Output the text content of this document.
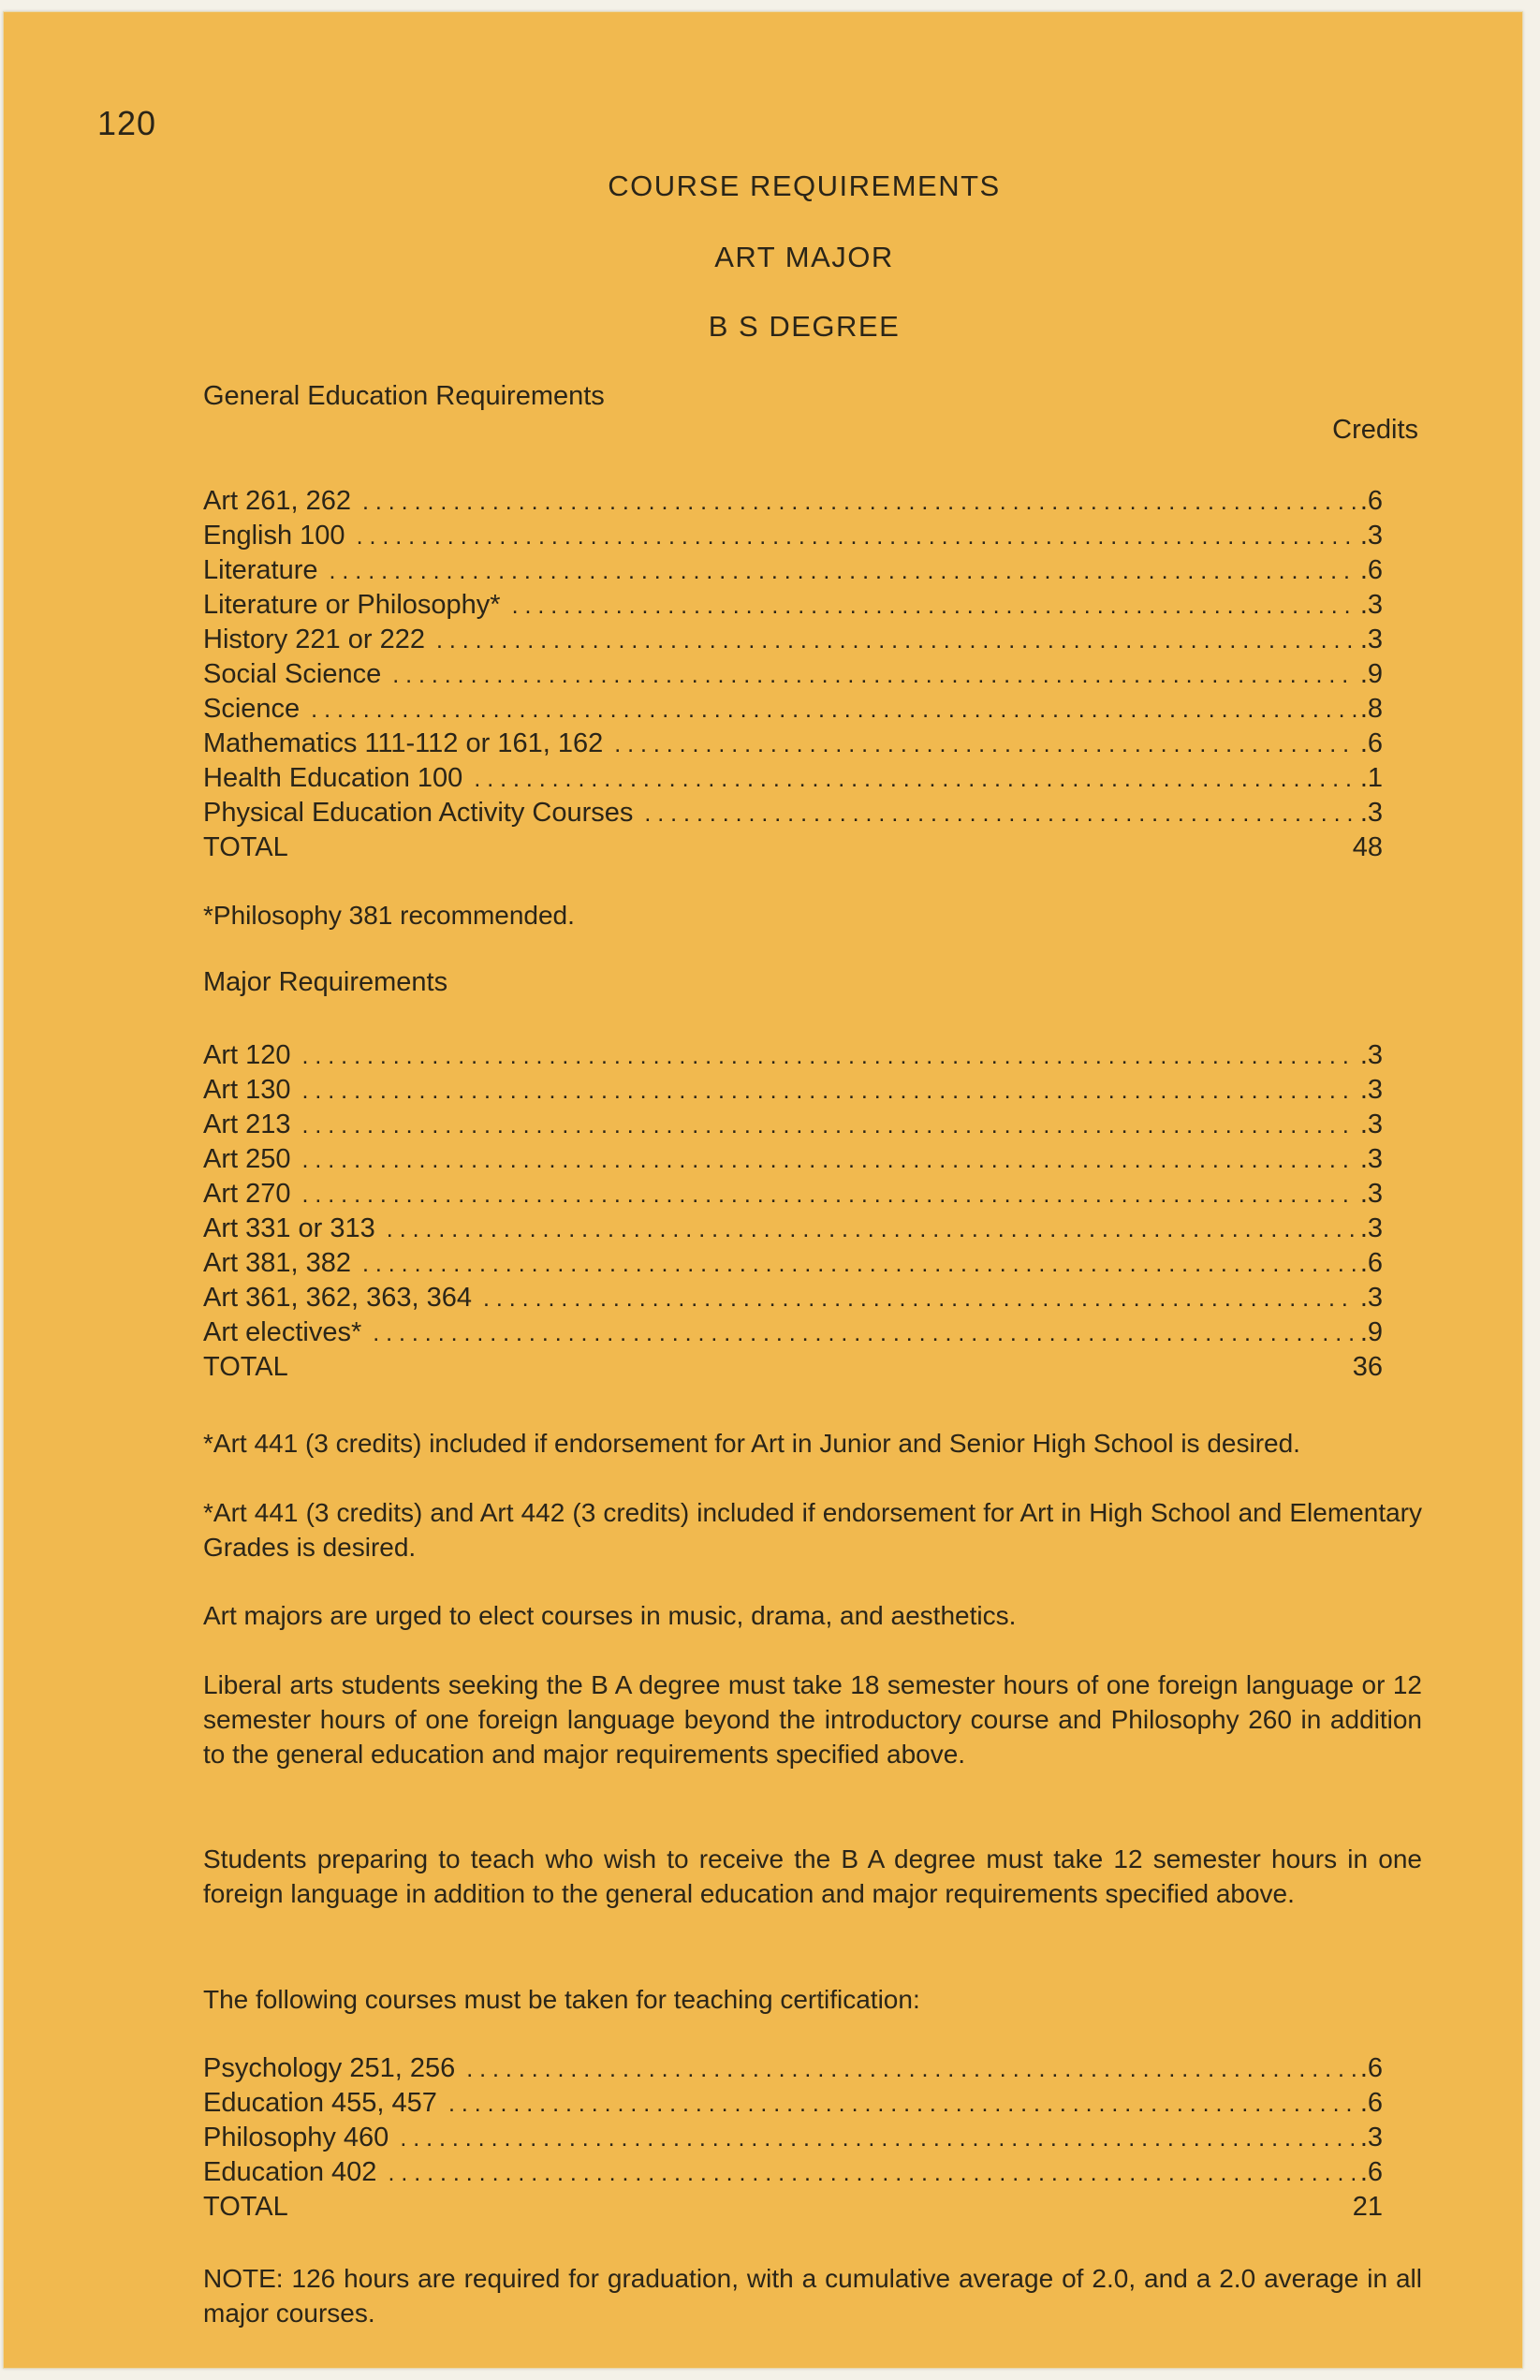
120
COURSE REQUIREMENTS
ART MAJOR
B S DEGREE
General Education Requirements
Credits
Art 261, 262 . . .	.6
English 100 . . .	.3
Literature . . .	.6
Literature or Philosophy* . . .	.3
History 221 or 222 . . .	.3
Social Science . . .	.9
Science . . .	.8
Mathematics 111-112 or 161, 162 . . .	.6
Health Education 100 . . .	.1
Physical Education Activity Courses . . .	.3
TOTAL	48
*Philosophy 381 recommended.
Major Requirements
Art 120 . . .	.3
Art 130 . . .	.3
Art 213 . . .	.3
Art 250 . . .	.3
Art 270 . . .	.3
Art 331 or 313 . . .	.3
Art 381, 382 . . .	.6
Art 361, 362, 363, 364 . . .	.3
Art electives* . . .	.9
TOTAL	36
*Art 441 (3 credits) included if endorsement for Art in Junior and Senior High School is desired.
*Art 441 (3 credits) and Art 442 (3 credits) included if endorsement for Art in High School and Elementary Grades is desired.
Art majors are urged to elect courses in music, drama, and aesthetics.
Liberal arts students seeking the B A degree must take 18 semester hours of one foreign language or 12 semester hours of one foreign language beyond the introductory course and Philosophy 260 in addition to the general education and major requirements specified above.
Students preparing to teach who wish to receive the B A degree must take 12 semester hours in one foreign language in addition to the general education and major requirements specified above.
The following courses must be taken for teaching certification:
Psychology 251, 256 . . .	.6
Education 455, 457 . . .	.6
Philosophy 460 . . .	.3
Education 402 . . .	.6
TOTAL	21
NOTE: 126 hours are required for graduation, with a cumulative average of 2.0, and a 2.0 average in all major courses.
